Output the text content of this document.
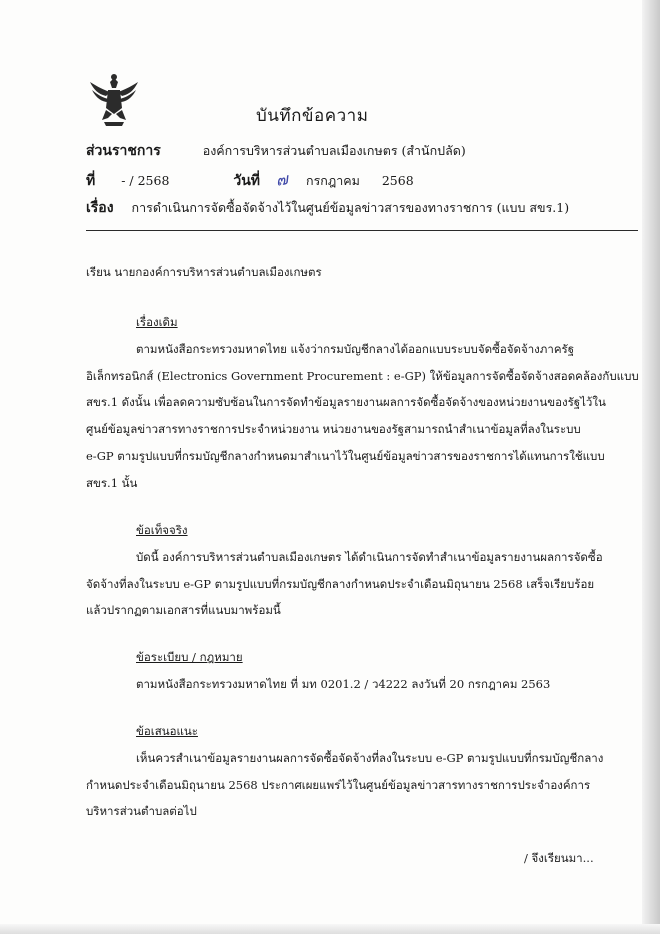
บันทึกข้อความ
ส่วนราชการ	องค์การบริหารส่วนตำบลเมืองเกษตร (สำนักปลัด)
ที่ - / 2568	วันที่ ๗ กรกฎาคม 2568
เรื่อง การดำเนินการจัดซื้อจัดจ้างไว้ในศูนย์ข้อมูลข่าวสารของทางราชการ (แบบ สขร.1)
เรียน นายกองค์การบริหารส่วนตำบลเมืองเกษตร
เรื่องเดิม
ตามหนังสือกระทรวงมหาดไทย แจ้งว่ากรมบัญชีกลางได้ออกแบบระบบจัดซื้อจัดจ้างภาครัฐ
อิเล็กทรอนิกส์ (Electronics Government Procurement : e-GP) ให้ข้อมูลการจัดซื้อจัดจ้างสอดคล้องกับแบบ
สขร.1 ดังนั้น เพื่อลดความซับซ้อนในการจัดทำข้อมูลรายงานผลการจัดซื้อจัดจ้างของหน่วยงานของรัฐไว้ใน
ศูนย์ข้อมูลข่าวสารทางราชการประจำหน่วยงาน หน่วยงานของรัฐสามารถนำสำเนาข้อมูลที่ลงในระบบ
e-GP ตามรูปแบบที่กรมบัญชีกลางกำหนดมาสำเนาไว้ในศูนย์ข้อมูลข่าวสารของราชการได้แทนการใช้แบบ
สขร.1 นั้น
ข้อเท็จจริง
บัดนี้ องค์การบริหารส่วนตำบลเมืองเกษตร ได้ดำเนินการจัดทำสำเนาข้อมูลรายงานผลการจัดซื้อ
จัดจ้างที่ลงในระบบ e-GP ตามรูปแบบที่กรมบัญชีกลางกำหนดประจำเดือนมิถุนายน 2568 เสร็จเรียบร้อย
แล้วปรากฏตามเอกสารที่แนบมาพร้อมนี้
ข้อระเบียบ / กฎหมาย
ตามหนังสือกระทรวงมหาดไทย ที่ มท 0201.2 / ว4222 ลงวันที่ 20 กรกฎาคม 2563
ข้อเสนอแนะ
เห็นควรสำเนาข้อมูลรายงานผลการจัดซื้อจัดจ้างที่ลงในระบบ e-GP ตามรูปแบบที่กรมบัญชีกลาง
กำหนดประจำเดือนมิถุนายน 2568 ประกาศเผยแพร่ไว้ในศูนย์ข้อมูลข่าวสารทางราชการประจำองค์การ
บริหารส่วนตำบลต่อไป
/ จึงเรียนมา...
